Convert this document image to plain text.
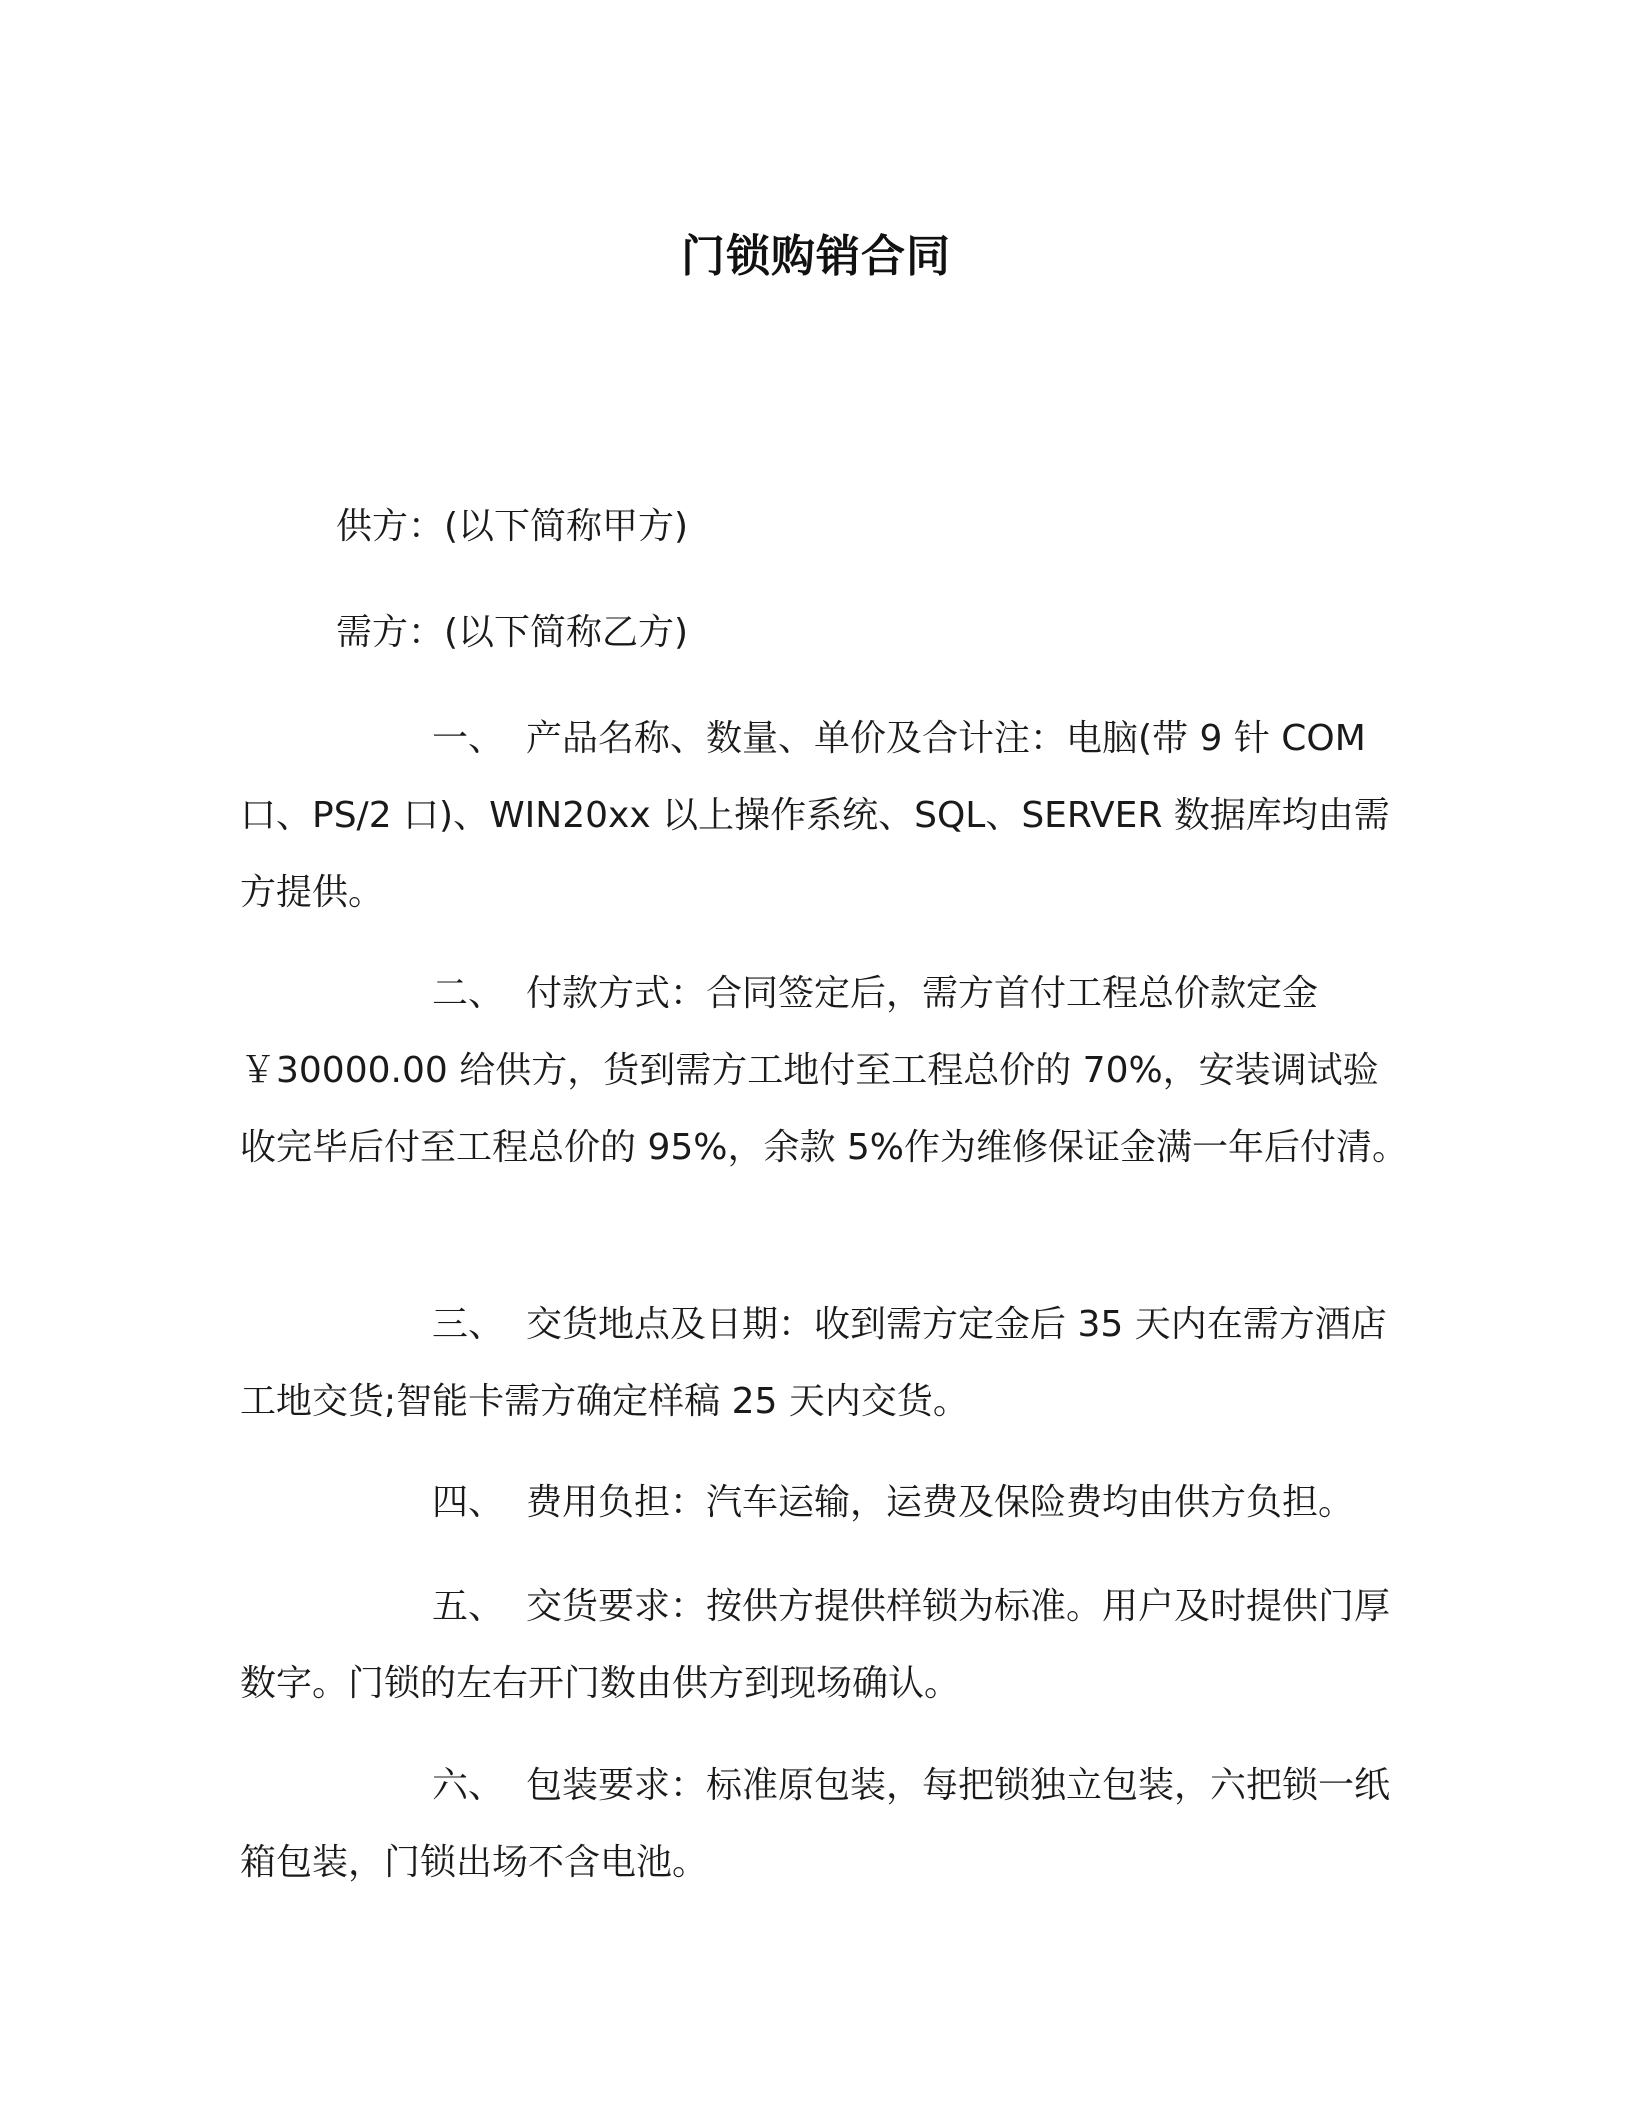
门锁购销合同

供方：(以下简称甲方)

需方：(以下简称乙方)

一、 产品名称、数量、单价及合计注：电脑(带 9 针 COM 口、PS/2 口)、WIN20xx 以上操作系统、SQL、SERVER 数据库均由需方提供。

二、 付款方式：合同签定后，需方首付工程总价款定金￥30000.00 给供方，货到需方工地付至工程总价的 70%，安装调试验收完毕后付至工程总价的 95%，余款 5%作为维修保证金满一年后付清。

三、 交货地点及日期：收到需方定金后 35 天内在需方酒店工地交货;智能卡需方确定样稿 25 天内交货。

四、 费用负担：汽车运输，运费及保险费均由供方负担。

五、 交货要求：按供方提供样锁为标准。用户及时提供门厚数字。门锁的左右开门数由供方到现场确认。

六、 包装要求：标准原包装，每把锁独立包装，六把锁一纸箱包装，门锁出场不含电池。
